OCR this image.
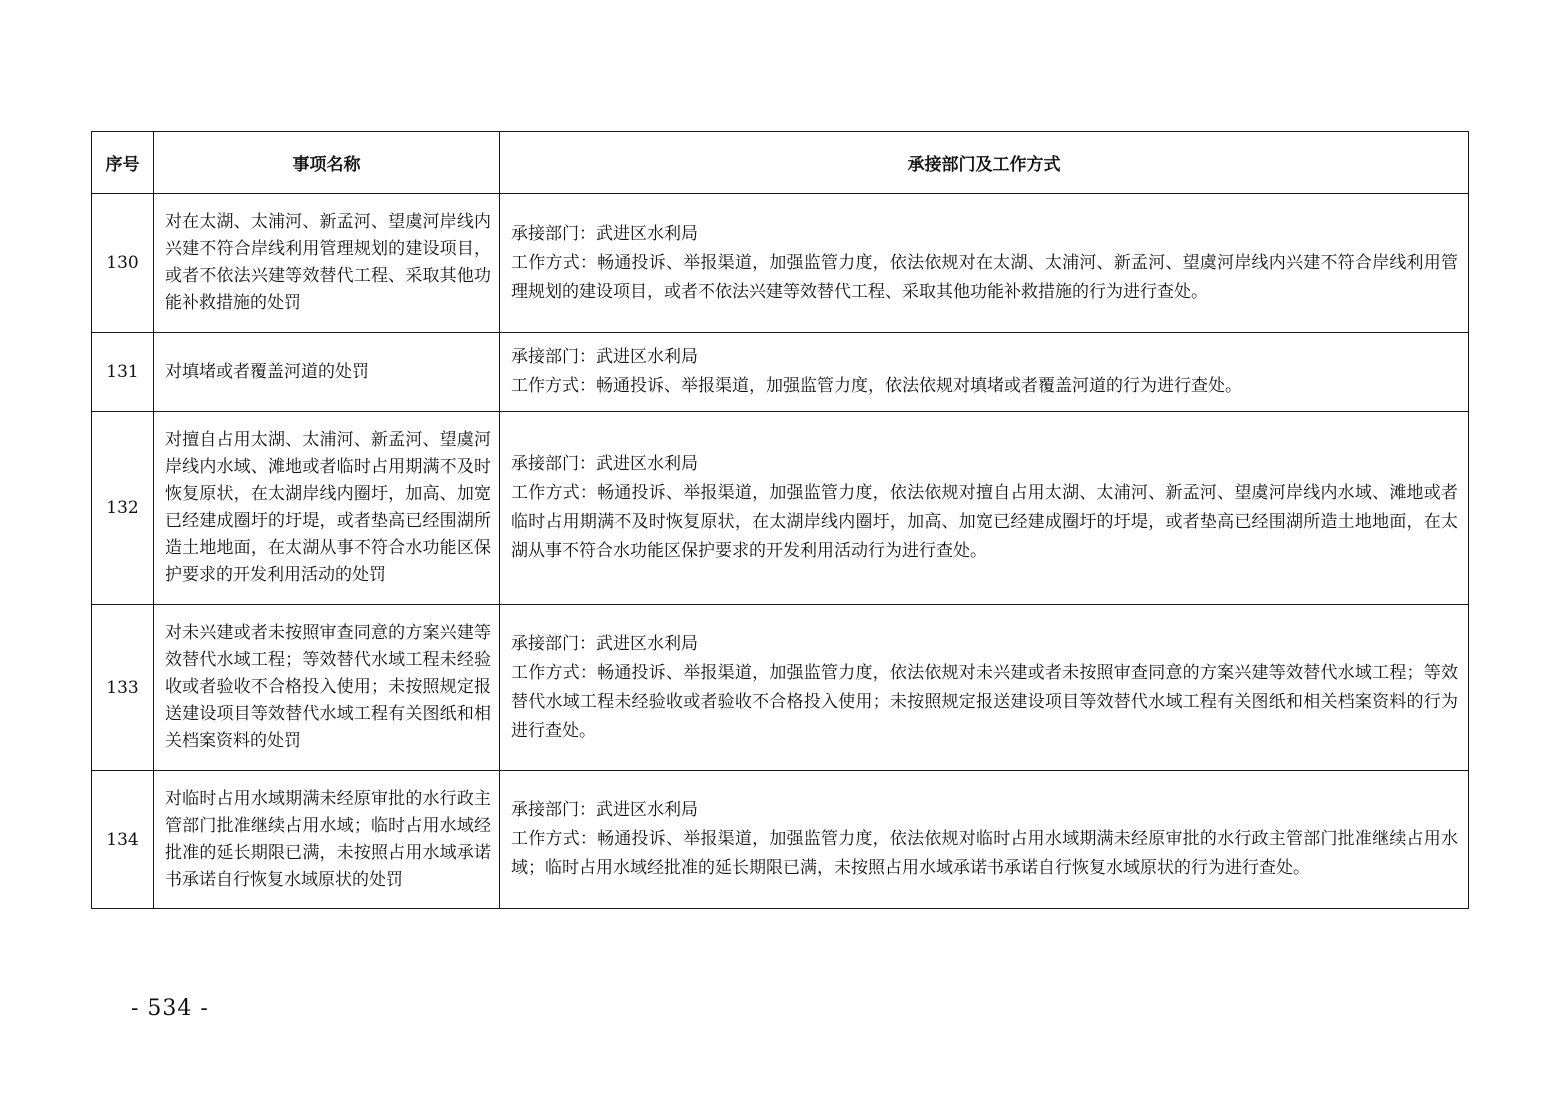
序号	事项名称	承接部门及工作方式
130	对在太湖、太浦河、新孟河、望虞河岸线内兴建不符合岸线利用管理规划的建设项目，或者不依法兴建等效替代工程、采取其他功能补救措施的处罚	承接部门：武进区水利局
工作方式：畅通投诉、举报渠道，加强监管力度，依法依规对在太湖、太浦河、新孟河、望虞河岸线内兴建不符合岸线利用管理规划的建设项目，或者不依法兴建等效替代工程、采取其他功能补救措施的行为进行查处。

131	对填堵或者覆盖河道的处罚	承接部门：武进区水利局
工作方式：畅通投诉、举报渠道，加强监管力度，依法依规对填堵或者覆盖河道的行为进行查处。

132	对擅自占用太湖、太浦河、新孟河、望虞河岸线内水域、滩地或者临时占用期满不及时恢复原状，在太湖岸线内圈圩，加高、加宽已经建成圈圩的圩堤，或者垫高已经围湖所造土地地面，在太湖从事不符合水功能区保护要求的开发利用活动的处罚	承接部门：武进区水利局
工作方式：畅通投诉、举报渠道，加强监管力度，依法依规对擅自占用太湖、太浦河、新孟河、望虞河岸线内水域、滩地或者临时占用期满不及时恢复原状，在太湖岸线内圈圩，加高、加宽已经建成圈圩的圩堤，或者垫高已经围湖所造土地地面，在太湖从事不符合水功能区保护要求的开发利用活动行为进行查处。

133	对未兴建或者未按照审查同意的方案兴建等效替代水域工程；等效替代水域工程未经验收或者验收不合格投入使用；未按照规定报送建设项目等效替代水域工程有关图纸和相关档案资料的处罚	承接部门：武进区水利局
工作方式：畅通投诉、举报渠道，加强监管力度，依法依规对未兴建或者未按照审查同意的方案兴建等效替代水域工程；等效替代水域工程未经验收或者验收不合格投入使用；未按照规定报送建设项目等效替代水域工程有关图纸和相关档案资料的行为进行查处。

134	对临时占用水域期满未经原审批的水行政主管部门批准继续占用水域；临时占用水域经批准的延长期限已满，未按照占用水域承诺书承诺自行恢复水域原状的处罚	承接部门：武进区水利局
工作方式：畅通投诉、举报渠道，加强监管力度，依法依规对临时占用水域期满未经原审批的水行政主管部门批准继续占用水域；临时占用水域经批准的延长期限已满，未按照占用水域承诺书承诺自行恢复水域原状的行为进行查处。
- 534 -
